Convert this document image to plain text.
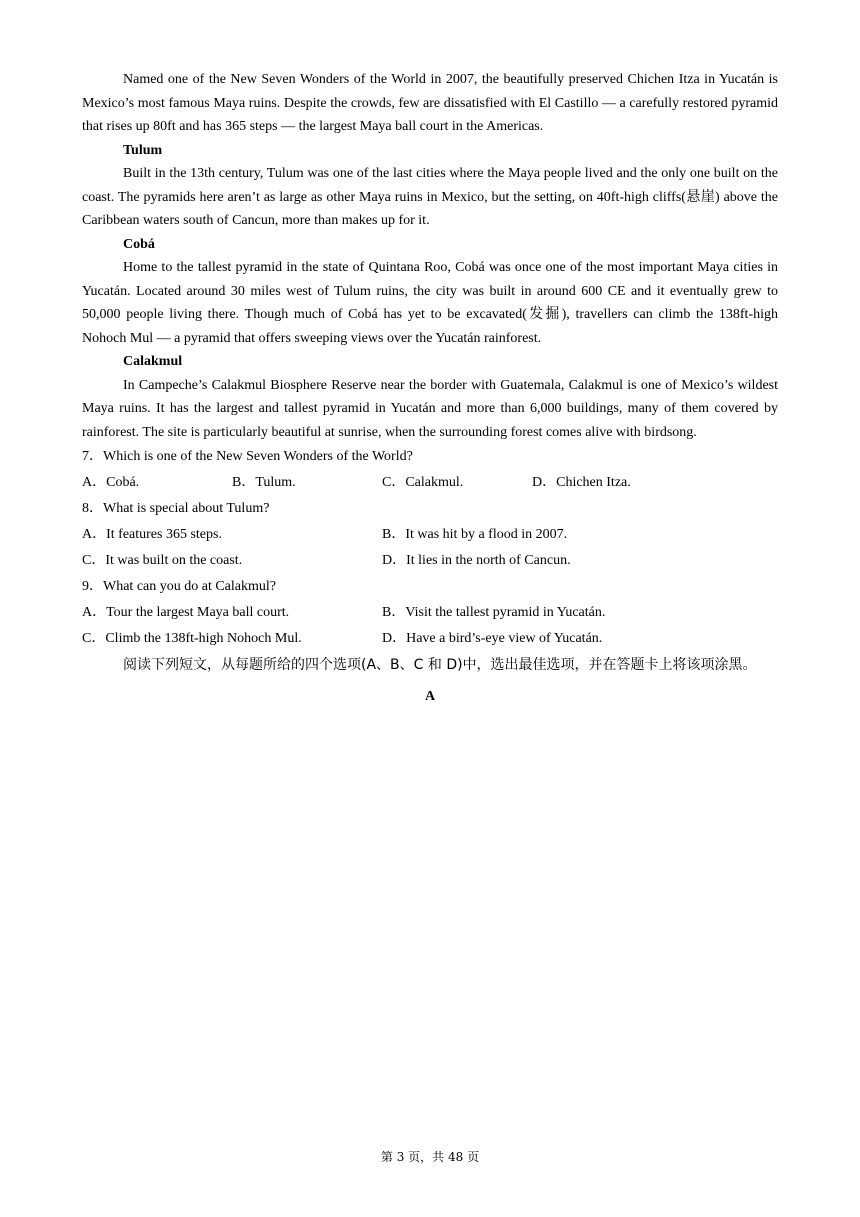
Named one of the New Seven Wonders of the World in 2007, the beautifully preserved Chichen Itza in Yucatán is Mexico’s most famous Maya ruins. Despite the crowds, few are dissatisfied with El Castillo — a carefully restored pyramid that rises up 80ft and has 365 steps — the largest Maya ball court in the Americas.

Tulum

Built in the 13th century, Tulum was one of the last cities where the Maya people lived and the only one built on the coast. The pyramids here aren’t as large as other Maya ruins in Mexico, but the setting, on 40ft-high cliffs(悬崖) above the Caribbean waters south of Cancun, more than makes up for it.

Cobá

Home to the tallest pyramid in the state of Quintana Roo, Cobá was once one of the most important Maya cities in Yucatán. Located around 30 miles west of Tulum ruins, the city was built in around 600 CE and it eventually grew to 50,000 people living there. Though much of Cobá has yet to be excavated(发掘), travellers can climb the 138ft-high Nohoch Mul — a pyramid that offers sweeping views over the Yucatán rainforest.

Calakmul

In Campeche’s Calakmul Biosphere Reserve near the border with Guatemala, Calakmul is one of Mexico’s wildest Maya ruins. It has the largest and tallest pyramid in Yucatán and more than 6,000 buildings, many of them covered by rainforest. The site is particularly beautiful at sunrise, when the surrounding forest comes alive with birdsong.

7．Which is one of the New Seven Wonders of the World?

A．Cobá.	B．Tulum.	C．Calakmul.	D．Chichen Itza.

8．What is special about Tulum?

A．It features 365 steps.	B．It was hit by a flood in 2007.
C．It was built on the coast.	D．It lies in the north of Cancun.

9．What can you do at Calakmul?

A．Tour the largest Maya ball court.	B．Visit the tallest pyramid in Yucatán.
C．Climb the 138ft-high Nohoch Mul.	D．Have a bird’s-eye view of Yucatán.

阅读下列短文，从每题所给的四个选项(A、B、C 和 D)中，选出最佳选项，并在答题卡上将该项涂黑。

A
第 3 页，共 48 页
